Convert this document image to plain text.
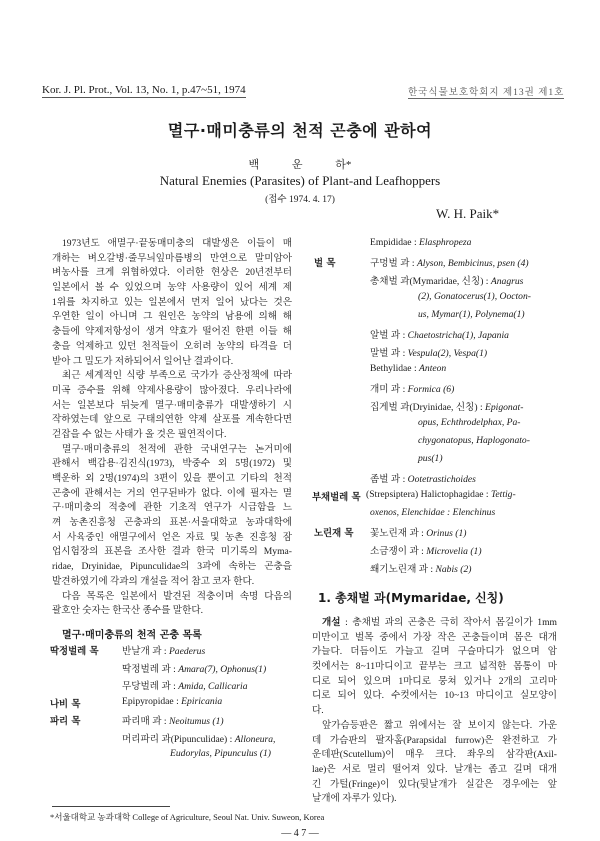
Kor. J. Pl. Prot., Vol. 13, No. 1, p.47~51, 1974	한국식물보호학회지 제13권 제1호
멸구·매미충류의 천적 곤충에 관하여
백 운 하*
Natural Enemies (Parasites) of Plant-and Leafhoppers
(접수 1974. 4. 17)
W. H. Paik*
1973년도 애멸구·끝동매미충의 대발생은 이들이 매
개하는 벼오갈병·줄무늬잎마름병의 만연으로 말미암아
벼농사를 크게 위협하였다. 이러한 현상은 20년전부터
일본에서 볼 수 있었으며 농약 사용량이 있어 세계 제
1위를 차지하고 있는 일본에서 먼저 일어 났다는 것은
우연한 일이 아니며 그 원인은 농약의 남용에 의해 해
충들에 약제저항성이 생겨 약효가 떨어진 한편 이들 해
충을 억제하고 있던 천적들이 오히려 농약의 타격을 더
받아 그 밀도가 저하되어서 일어난 결과이다.
최근 세계적인 식량 부족으로 국가가 증산정책에 따라
미곡 증수를 위해 약제사용량이 많아졌다. 우리나라에
서는 일본보다 뒤늦게 멸구·매미충류가 대발생하기 시
작하였는데 앞으로 구태의연한 약제 살포를 계속한다면
걷잡을 수 없는 사태가 올 것은 필연적이다.
멸구·매미충류의 천적에 관한 국내연구는 논거미에
관해서 백갑용·김진식(1973), 박중수 외 5명(1972) 및
백운하 외 2명(1974)의 3편이 있을 뿐이고 기타의 천적
곤충에 관해서는 거의 연구된바가 없다. 이에 필자는 멸
구·매미충의 적충에 관한 기초적 연구가 시급함을 느
껴 농촌진흥청 곤충과의 표본·서울대학교 농과대학에
서 사육중인 애멸구에서 얻은 자료 및 농촌 진흥청 잠
업시험장의 표본을 조사한 결과 한국 미기록의 Myma-
ridae, Dryinidae, Pipunculidae의 3과에 속하는 곤충을
발견하였기에 각과의 개설을 적어 참고 코자 한다.
다음 목록은 일본에서 발견된 적충이며 속명 다음의
괄호안 숫자는 한국산 종수를 말한다.
멸구·매미충류의 천적 곤충 목록
반날개 과 : Paederus
딱정벌레 과 : Amara(7), Ophonus(1)
무당벌레 과 : Amida, Callicaria
Epipyropidae : Epiricania
파리매 과 : Neoitumus (1)
머리파리 과(Pipunculidae) : Alloneura,
Eudorylas, Pipunculus (1)
딱정벌레 목
나비 목
파리 목
Empididae : Elasphropeza
구멍벌 과 : Alyson, Bembicinus, psen (4)
총채벌 과(Mymaridae, 신칭) : Anagrus
(2), Gonatocerus(1), Oocton-
us, Mymar(1), Polynema(1)
알벌 과 : Chaetostricha(1), Japania
말벌 과 : Vespula(2), Vespa(1)
Bethylidae : Anteon
개미 과 : Formica (6)
집게벌 과(Dryinidae, 신칭) : Epigonat-
opus, Echthrodelphax, Pa-
chygonatopus, Haplogonato-
pus(1)
좀벌 과 : Ootetrastichoides
(Strepsiptera) Halictophagidae : Tettig-
oxenos, Elenchidae : Elenchinus
꽃노린재 과 : Orinus (1)
소금쟁이 과 : Microvelia (1)
쐐기노린재 과 : Nabis (2)
벌 목
부채벌레 목
노린재 목
1. 총채벌 과(Mymaridae, 신칭)
개설 : 총채벌 과의 곤충은 극히 작아서 몸길이가 1mm
미만이고 벌목 중에서 가장 작은 곤충들이며 몸은 대개
가늘다. 더듬이도 가늘고 길며 구슬마디가 없으며 암
컷에서는 8~11마디이고 끝부는 크고 넓적한 몸통이 마
디로 되어 있으며 1마디로 뭉쳐 있거나 2개의 고리마
디로 되어 있다. 수컷에서는 10~13 마디이고 실모양이
다.
앞가슴등판은 짧고 위에서는 잘 보이지 않는다. 가운
데 가슴판의 팔자홈(Parapsidal furrow)은 완전하고 가
운데판(Scutellum)이 매우 크다. 좌우의 삼각판(Axil-
lae)은 서로 멀리 떨어져 있다. 날개는 좁고 길며 대개
긴 가털(Fringe)이 있다(뒷날개가 실같은 경우에는 앞
날개에 자루가 있다).
*서울대학교 농과대학 College of Agriculture, Seoul Nat. Univ. Suweon, Korea
— 4 7 —
